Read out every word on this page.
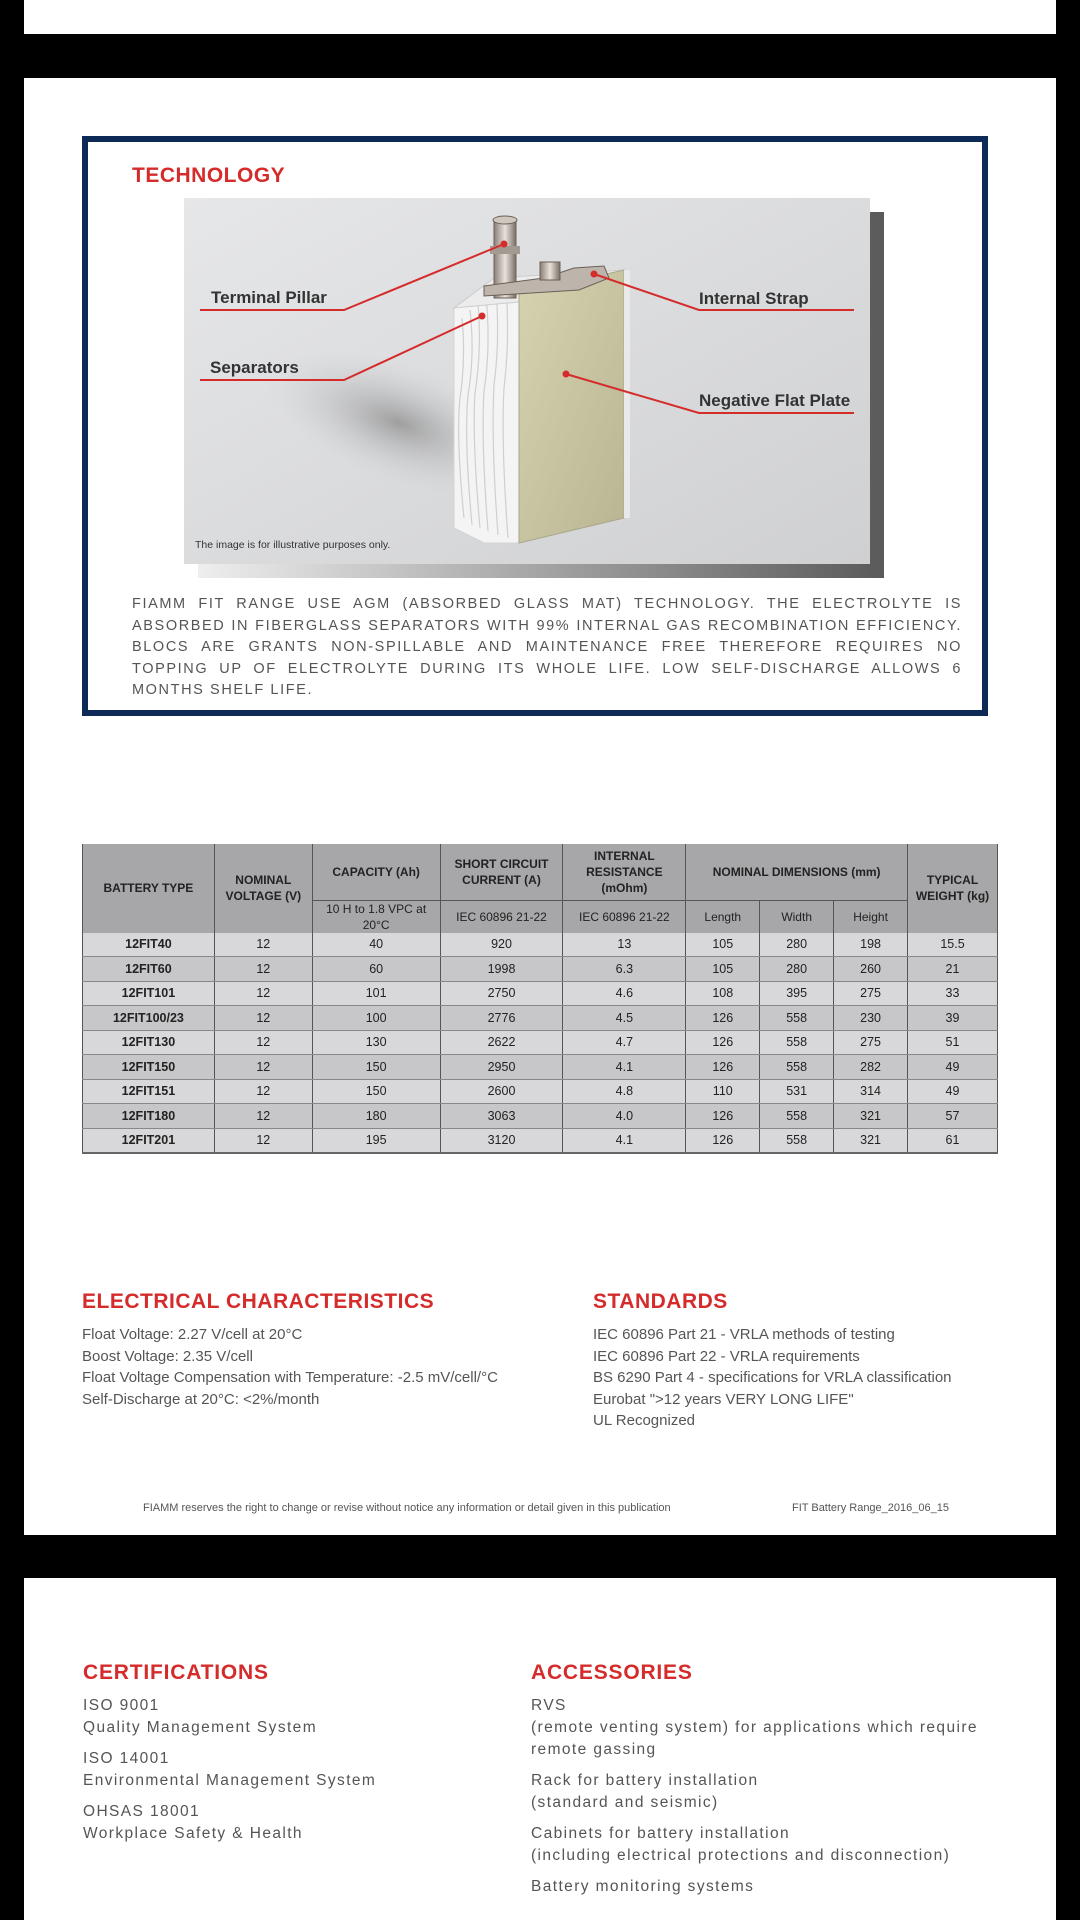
TECHNOLOGY
Terminal Pillar
Separators
Internal Strap
Negative Flat Plate
The image is for illustrative purposes only.
FIAMM FIT RANGE USE AGM (ABSORBED GLASS MAT) TECHNOLOGY. THE ELECTROLYTE IS ABSORBED IN FIBERGLASS SEPARATORS WITH 99% INTERNAL GAS RECOMBINATION EFFICIENCY. BLOCS ARE GRANTS NON-SPILLABLE AND MAINTENANCE FREE THEREFORE REQUIRES NO TOPPING UP OF ELECTROLYTE DURING ITS WHOLE LIFE. LOW SELF-DISCHARGE ALLOWS 6 MONTHS SHELF LIFE.
BATTERY TYPE	NOMINAL VOLTAGE (V)	CAPACITY (Ah)	SHORT CIRCUIT CURRENT (A)	INTERNAL RESISTANCE (mOhm)	NOMINAL DIMENSIONS (mm)			TYPICAL WEIGHT (kg)
		10 H to 1.8 VPC at 20°C	IEC 60896 21-22	IEC 60896 21-22	Length	Width	Height	
12FIT40	12	40	920	13	105	280	198	15.5
12FIT60	12	60	1998	6.3	105	280	260	21
12FIT101	12	101	2750	4.6	108	395	275	33
12FIT100/23	12	100	2776	4.5	126	558	230	39
12FIT130	12	130	2622	4.7	126	558	275	51
12FIT150	12	150	2950	4.1	126	558	282	49
12FIT151	12	150	2600	4.8	110	531	314	49
12FIT180	12	180	3063	4.0	126	558	321	57
12FIT201	12	195	3120	4.1	126	558	321	61
ELECTRICAL CHARACTERISTICS
Float Voltage: 2.27 V/cell at 20°C
Boost Voltage: 2.35 V/cell
Float Voltage Compensation with Temperature: -2.5 mV/cell/°C
Self-Discharge at 20°C: <2%/month
STANDARDS
IEC 60896 Part 21 - VRLA methods of testing
IEC 60896 Part 22 - VRLA requirements
BS 6290 Part 4 - specifications for VRLA classification
Eurobat ">12 years VERY LONG LIFE"
UL Recognized
FIAMM reserves the right to change or revise without notice any information or detail given in this publication	FIT Battery Range_2016_06_15
CERTIFICATIONS
ISO 9001
Quality Management System
ISO 14001
Environmental Management System
OHSAS 18001
Workplace Safety & Health
ACCESSORIES
RVS
(remote venting system) for applications which require remote gassing
Rack for battery installation
(standard and seismic)
Cabinets for battery installation
(including electrical protections and disconnection)
Battery monitoring systems
